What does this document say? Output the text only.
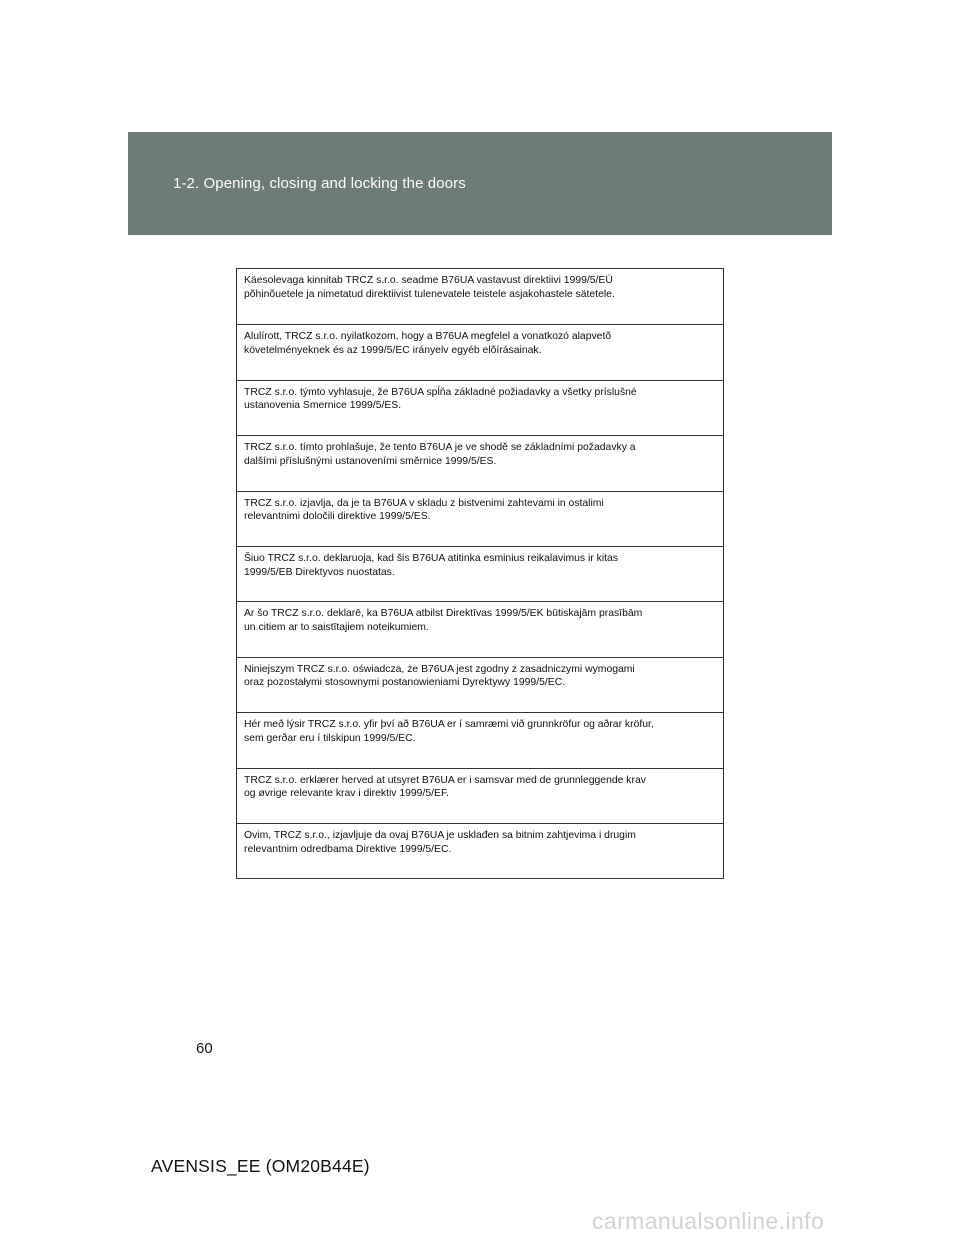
1-2. Opening, closing and locking the doors
Käesolevaga kinnitab TRCZ s.r.o. seadme B76UA vastavust direktiivi 1999/5/EÜ
põhinõuetele ja nimetatud direktiivist tulenevatele teistele asjakohastele sätetele.
Alulírott, TRCZ s.r.o. nyilatkozom, hogy a B76UA megfelel a vonatkozó alapvetõ
követelményeknek és az 1999/5/EC irányelv egyéb elõírásainak.
TRCZ s.r.o. týmto vyhlasuje, že B76UA spĺňa základné požiadavky a všetky príslušné
ustanovenia Smernice 1999/5/ES.
TRCZ s.r.o. tímto prohlašuje, že tento B76UA je ve shodě se základními požadavky a
dalšími příslušnými ustanoveními směrnice 1999/5/ES.
TRCZ s.r.o. izjavlja, da je ta B76UA v skladu z bistvenimi zahtevami in ostalimi
relevantnimi določili direktive 1999/5/ES.
Šiuo TRCZ s.r.o. deklaruoja, kad šis B76UA atitinka esminius reikalavimus ir kitas
1999/5/EB Direktyvos nuostatas.
Ar šo TRCZ s.r.o. deklarē, ka B76UA atbilst Direktīvas 1999/5/EK būtiskajām prasībām
un citiem ar to saistītajiem noteikumiem.
Niniejszym TRCZ s.r.o. oświadcza, że B76UA jest zgodny z zasadniczymi wymogami
oraz pozostałymi stosownymi postanowieniami Dyrektywy 1999/5/EC.
Hér með lýsir TRCZ s.r.o. yfir því að B76UA er í samræmi við grunnkröfur og aðrar kröfur,
sem gerðar eru í tilskipun 1999/5/EC.
TRCZ s.r.o. erklærer herved at utsyret B76UA er i samsvar med de grunnleggende krav
og øvrige relevante krav i direktiv 1999/5/EF.
Ovim, TRCZ s.r.o., izjavljuje da ovaj B76UA je usklađen sa bitnim zahtjevima i drugim
relevantnim odredbama Direktive 1999/5/EC.
60
AVENSIS_EE (OM20B44E)
carmanualsonline.info
